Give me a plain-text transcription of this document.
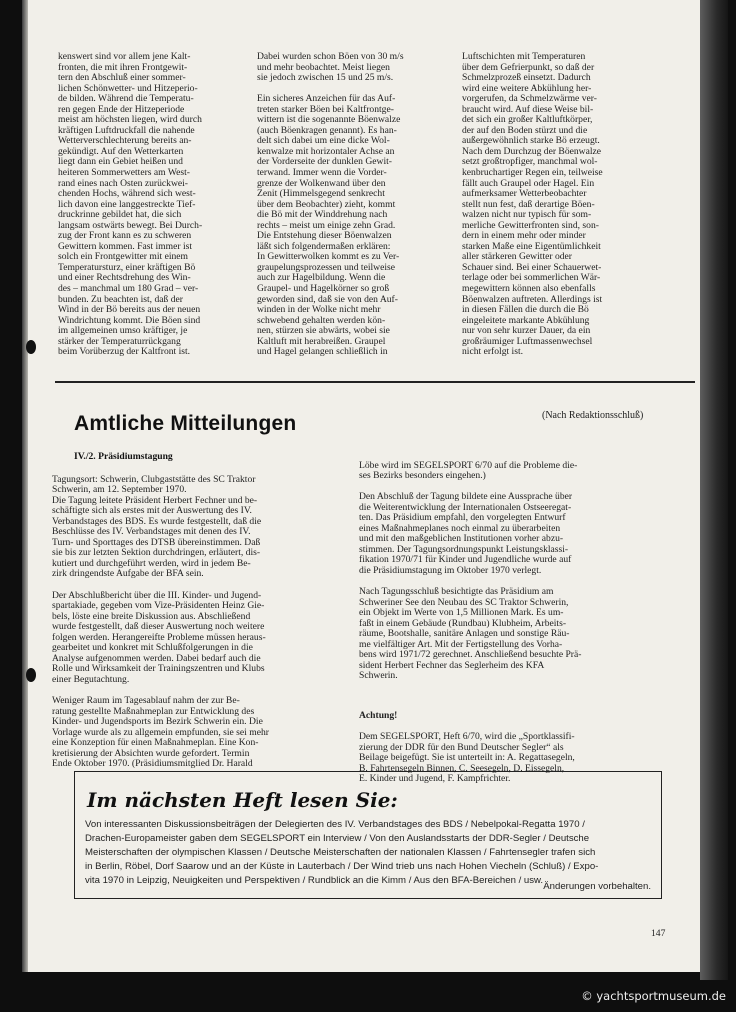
kenswert sind vor allem jene Kalt-
fronten, die mit ihren Frontgewit-
tern den Abschluß einer sommer-
lichen Schönwetter- und Hitzeperio-
de bilden. Während die Temperatu-
ren gegen Ende der Hitzeperiode
meist am höchsten liegen, wird durch
kräftigen Luftdruckfall die nahende
Wetterverschlechterung bereits an-
gekündigt. Auf den Wetterkarten
liegt dann ein Gebiet heißen und
heiteren Sommerwetters am West-
rand eines nach Osten zurückwei-
chenden Hochs, während sich west-
lich davon eine langgestreckte Tief-
druckrinne gebildet hat, die sich
langsam ostwärts bewegt. Bei Durch-
zug der Front kann es zu schweren
Gewittern kommen. Fast immer ist
solch ein Frontgewitter mit einem
Temperatursturz, einer kräftigen Bö
und einer Rechtsdrehung des Win-
des – manchmal um 180 Grad – ver-
bunden. Zu beachten ist, daß der
Wind in der Bö bereits aus der neuen
Windrichtung kommt. Die Böen sind
im allgemeinen umso kräftiger, je
stärker der Temperaturrückgang
beim Vorüberzug der Kaltfront ist.

Dabei wurden schon Böen von 30 m/s
und mehr beobachtet. Meist liegen
sie jedoch zwischen 15 und 25 m/s.

Ein sicheres Anzeichen für das Auf-
treten starker Böen bei Kaltfrontge-
wittern ist die sogenannte Böenwalze
(auch Böenkragen genannt). Es han-
delt sich dabei um eine dicke Wol-
kenwalze mit horizontaler Achse an
der Vorderseite der dunklen Gewit-
terwand. Immer wenn die Vorder-
grenze der Wolkenwand über den
Zenit (Himmelsgegend senkrecht
über dem Beobachter) zieht, kommt
die Bö mit der Winddrehung nach
rechts – meist um einige zehn Grad.
Die Entstehung dieser Böenwalzen
läßt sich folgendermaßen erklären:
In Gewitterwolken kommt es zu Ver-
graupelungsprozessen und teilweise
auch zur Hagelbildung. Wenn die
Graupel- und Hagelkörner so groß
geworden sind, daß sie von den Auf-
winden in der Wolke nicht mehr
schwebend gehalten werden kön-
nen, stürzen sie abwärts, wobei sie
Kaltluft mit herabreißen. Graupel
und Hagel gelangen schließlich in

Luftschichten mit Temperaturen
über dem Gefrierpunkt, so daß der
Schmelzprozeß einsetzt. Dadurch
wird eine weitere Abkühlung her-
vorgerufen, da Schmelzwärme ver-
braucht wird. Auf diese Weise bil-
det sich ein großer Kaltluftkörper,
der auf den Boden stürzt und die
außergewöhnlich starke Bö erzeugt.
Nach dem Durchzug der Böenwalze
setzt großtropfiger, manchmal wol-
kenbruchartiger Regen ein, teilweise
fällt auch Graupel oder Hagel. Ein
aufmerksamer Wetterbeobachter
stellt nun fest, daß derartige Böen-
walzen nicht nur typisch für som-
merliche Gewitterfronten sind, son-
dern in einem mehr oder minder
starken Maße eine Eigentümlichkeit
aller stärkeren Gewitter oder
Schauer sind. Bei einer Schauerwet-
terlage oder bei sommerlichen Wär-
megewittern können also ebenfalls
Böenwalzen auftreten. Allerdings ist
in diesen Fällen die durch die Bö
eingeleitete markante Abkühlung
nur von sehr kurzer Dauer, da ein
großräumiger Luftmassenwechsel
nicht erfolgt ist.

Amtliche Mitteilungen	(Nach Redaktionsschluß)

IV./2. Präsidiumstagung

Tagungsort: Schwerin, Clubgaststätte des SC Traktor
Schwerin, am 12. September 1970.
Die Tagung leitete Präsident Herbert Fechner und be-
schäftigte sich als erstes mit der Auswertung des IV.
Verbandstages des BDS. Es wurde festgestellt, daß die
Beschlüsse des IV. Verbandstages mit denen des IV.
Turn- und Sporttages des DTSB übereinstimmen. Daß
sie bis zur letzten Sektion durchdringen, erläutert, dis-
kutiert und durchgeführt werden, wird in jedem Be-
zirk dringendste Aufgabe der BFA sein.

Der Abschlußbericht über die III. Kinder- und Jugend-
spartakiade, gegeben vom Vize-Präsidenten Heinz Gie-
bels, löste eine breite Diskussion aus. Abschließend
wurde festgestellt, daß dieser Auswertung noch weitere
folgen werden. Herangereifte Probleme müssen heraus-
gearbeitet und konkret mit Schlußfolgerungen in die
Analyse aufgenommen werden. Dabei bedarf auch die
Rolle und Wirksamkeit der Trainingszentren und Klubs
einer Begutachtung.

Weniger Raum im Tagesablauf nahm der zur Be-
ratung gestellte Maßnahmeplan zur Entwicklung des
Kinder- und Jugendsports im Bezirk Schwerin ein. Die
Vorlage wurde als zu allgemein empfunden, sie sei mehr
eine Konzeption für einen Maßnahmeplan. Eine Kon-
kretisierung der Absichten wurde gefordert. Termin
Ende Oktober 1970. (Präsidiumsmitglied Dr. Harald

Löbe wird im SEGELSPORT 6/70 auf die Probleme die-
ses Bezirks besonders eingehen.)

Den Abschluß der Tagung bildete eine Aussprache über
die Weiterentwicklung der Internationalen Ostseeregat-
ten. Das Präsidium empfahl, den vorgelegten Entwurf
eines Maßnahmeplanes noch einmal zu überarbeiten
und mit den maßgeblichen Institutionen vorher abzu-
stimmen. Der Tagungsordnungspunkt Leistungsklassi-
fikation 1970/71 für Kinder und Jugendliche wurde auf
die Präsidiumstagung im Oktober 1970 verlegt.

Nach Tagungsschluß besichtigte das Präsidium am
Schweriner See den Neubau des SC Traktor Schwerin,
ein Objekt im Werte von 1,5 Millionen Mark. Es um-
faßt in einem Gebäude (Rundbau) Klubheim, Arbeits-
räume, Bootshalle, sanitäre Anlagen und sonstige Räu-
me vielfältiger Art. Mit der Fertigstellung des Vorha-
bens wird 1971/72 gerechnet. Anschließend besuchte Prä-
sident Herbert Fechner das Seglerheim des KFA
Schwerin.

Achtung!

Dem SEGELSPORT, Heft 6/70, wird die „Sportklassifi-
zierung der DDR für den Bund Deutscher Segler“ als
Beilage beigefügt. Sie ist unterteilt in: A. Regattasegeln,
B. Fahrtensegeln Binnen, C. Seesegeln, D. Eissegeln,
E. Kinder und Jugend, F. Kampfrichter.

Im nächsten Heft lesen Sie:

Von interessanten Diskussionsbeiträgen der Delegierten des IV. Verbandstages des BDS / Nebelpokal-Regatta 1970 /
Drachen-Europameister gaben dem SEGELSPORT ein Interview / Von den Auslandsstarts der DDR-Segler / Deutsche
Meisterschaften der olympischen Klassen / Deutsche Meisterschaften der nationalen Klassen / Fahrtensegler trafen sich
in Berlin, Röbel, Dorf Saarow und an der Küste in Lauterbach / Der Wind trieb uns nach Hohen Viecheln (Schluß) / Expo-
vita 1970 in Leipzig, Neuigkeiten und Perspektiven / Rundblick an die Kimm / Aus den BFA-Bereichen / usw.

Änderungen vorbehalten.

147

© yachtsportmuseum.de
